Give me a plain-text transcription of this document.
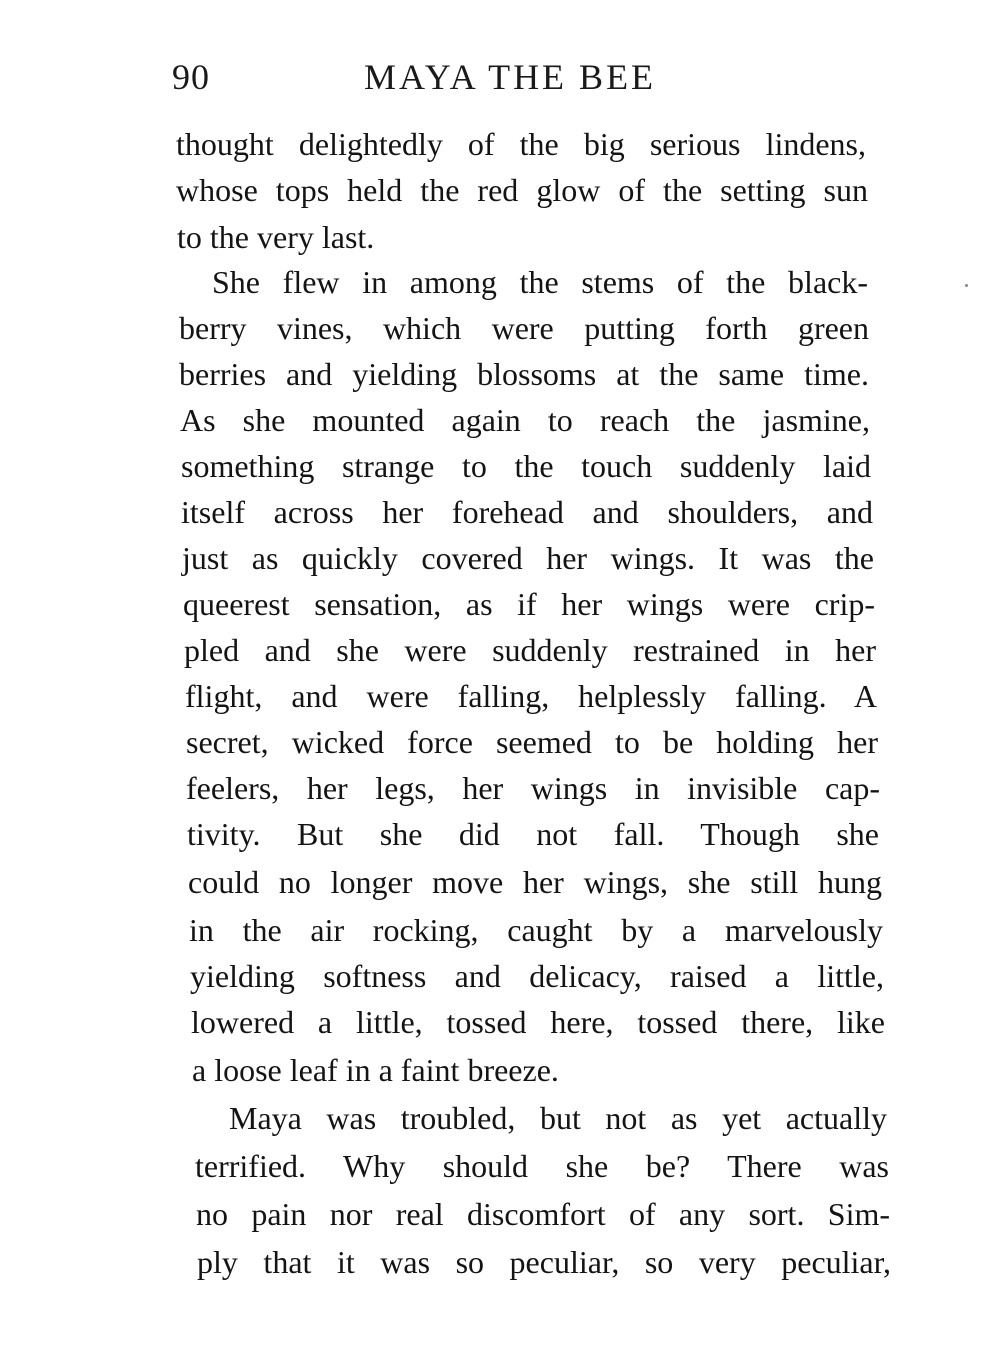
90	MAYA THE BEE
thought delightedly of the big serious lindens,
whose tops held the red glow of the setting sun
to the very last.
She flew in among the stems of the black-
berry vines, which were putting forth green
berries and yielding blossoms at the same time.
As she mounted again to reach the jasmine,
something strange to the touch suddenly laid
itself across her forehead and shoulders, and
just as quickly covered her wings. It was the
queerest sensation, as if her wings were crip-
pled and she were suddenly restrained in her
flight, and were falling, helplessly falling. A
secret, wicked force seemed to be holding her
feelers, her legs, her wings in invisible cap-
tivity. But she did not fall. Though she
could no longer move her wings, she still hung
in the air rocking, caught by a marvelously
yielding softness and delicacy, raised a little,
lowered a little, tossed here, tossed there, like
a loose leaf in a faint breeze.
Maya was troubled, but not as yet actually
terrified. Why should she be? There was
no pain nor real discomfort of any sort. Sim-
ply that it was so peculiar, so very peculiar,
